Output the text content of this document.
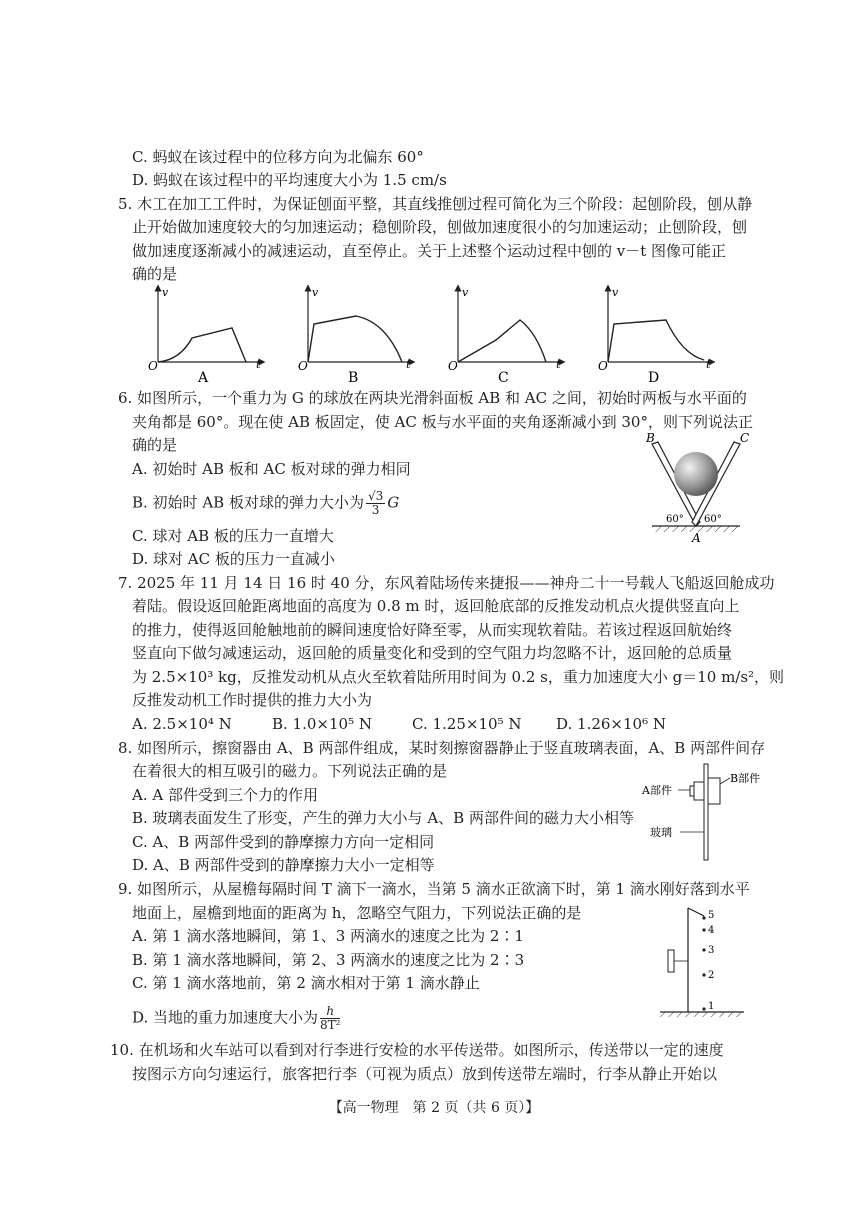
C. 蚂蚁在该过程中的位移方向为北偏东 60°
D. 蚂蚁在该过程中的平均速度大小为 1.5 cm/s
5. 木工在加工工件时，为保证刨面平整，其直线推刨过程可简化为三个阶段：起刨阶段，刨从静
止开始做加速度较大的匀加速运动；稳刨阶段，刨做加速度很小的匀加速运动；止刨阶段，刨
做加速度逐渐减小的减速运动，直至停止。关于上述整个运动过程中刨的 v－t 图像可能正
确的是
v
t
O
A
v
t
O
B
v
t
O
C
v
t
O
D
6. 如图所示，一个重力为 G 的球放在两块光滑斜面板 AB 和 AC 之间，初始时两板与水平面的
夹角都是 60°。现在使 AB 板固定，使 AC 板与水平面的夹角逐渐减小到 30°，则下列说法正
确的是
A. 初始时 AB 板和 AC 板对球的弹力相同
B. 初始时 AB 板对球的弹力大小为 $\frac{√3}{3}$ G
C. 球对 AB 板的压力一直增大
D. 球对 AC 板的压力一直减小
B	C
A
60° 60°
7. 2025 年 11 月 14 日 16 时 40 分，东风着陆场传来捷报——神舟二十一号载人飞船返回舱成功
着陆。假设返回舱距离地面的高度为 0.8 m 时，返回舱底部的反推发动机点火提供竖直向上
的推力，使得返回舱触地前的瞬间速度恰好降至零，从而实现软着陆。若该过程返回航始终
竖直向下做匀减速运动，返回舱的质量变化和受到的空气阻力均忽略不计，返回舱的总质量
为 2.5×10³ kg，反推发动机从点火至软着陆所用时间为 0.2 s，重力加速度大小 g＝10 m/s²，则
反推发动机工作时提供的推力大小为
A. 2.5×10⁴ N	B. 1.0×10⁵ N	C. 1.25×10⁵ N D. 1.26×10⁶ N
8. 如图所示，擦窗器由 A、B 两部件组成，某时刻擦窗器静止于竖直玻璃表面，A、B 两部件间存
在着很大的相互吸引的磁力。下列说法正确的是
A. A 部件受到三个力的作用
B. 玻璃表面发生了形变，产生的弹力大小与 A、B 两部件间的磁力大小相等
C. A、B 两部件受到的静摩擦力方向一定相同
D. A、B 两部件受到的静摩擦力大小一定相等
A部件
B部件
玻璃
9. 如图所示，从屋檐每隔时间 T 滴下一滴水，当第 5 滴水正欲滴下时，第 1 滴水刚好落到水平
地面上，屋檐到地面的距离为 h，忽略空气阻力，下列说法正确的是
A. 第 1 滴水落地瞬间，第 1、3 两滴水的速度之比为 2∶1
B. 第 1 滴水落地瞬间，第 2、3 两滴水的速度之比为 2∶3
C. 第 1 滴水落地前，第 2 滴水相对于第 1 滴水静止
D. 当地的重力加速度大小为 $\frac{h}{\text{8T²}}$
5
4
3
2
1
10. 在机场和火车站可以看到对行李进行安检的水平传送带。如图所示，传送带以一定的速度
按图示方向匀速运行，旅客把行李（可视为质点）放到传送带左端时，行李从静止开始以
【高一物理　第 2 页（共 6 页）】
